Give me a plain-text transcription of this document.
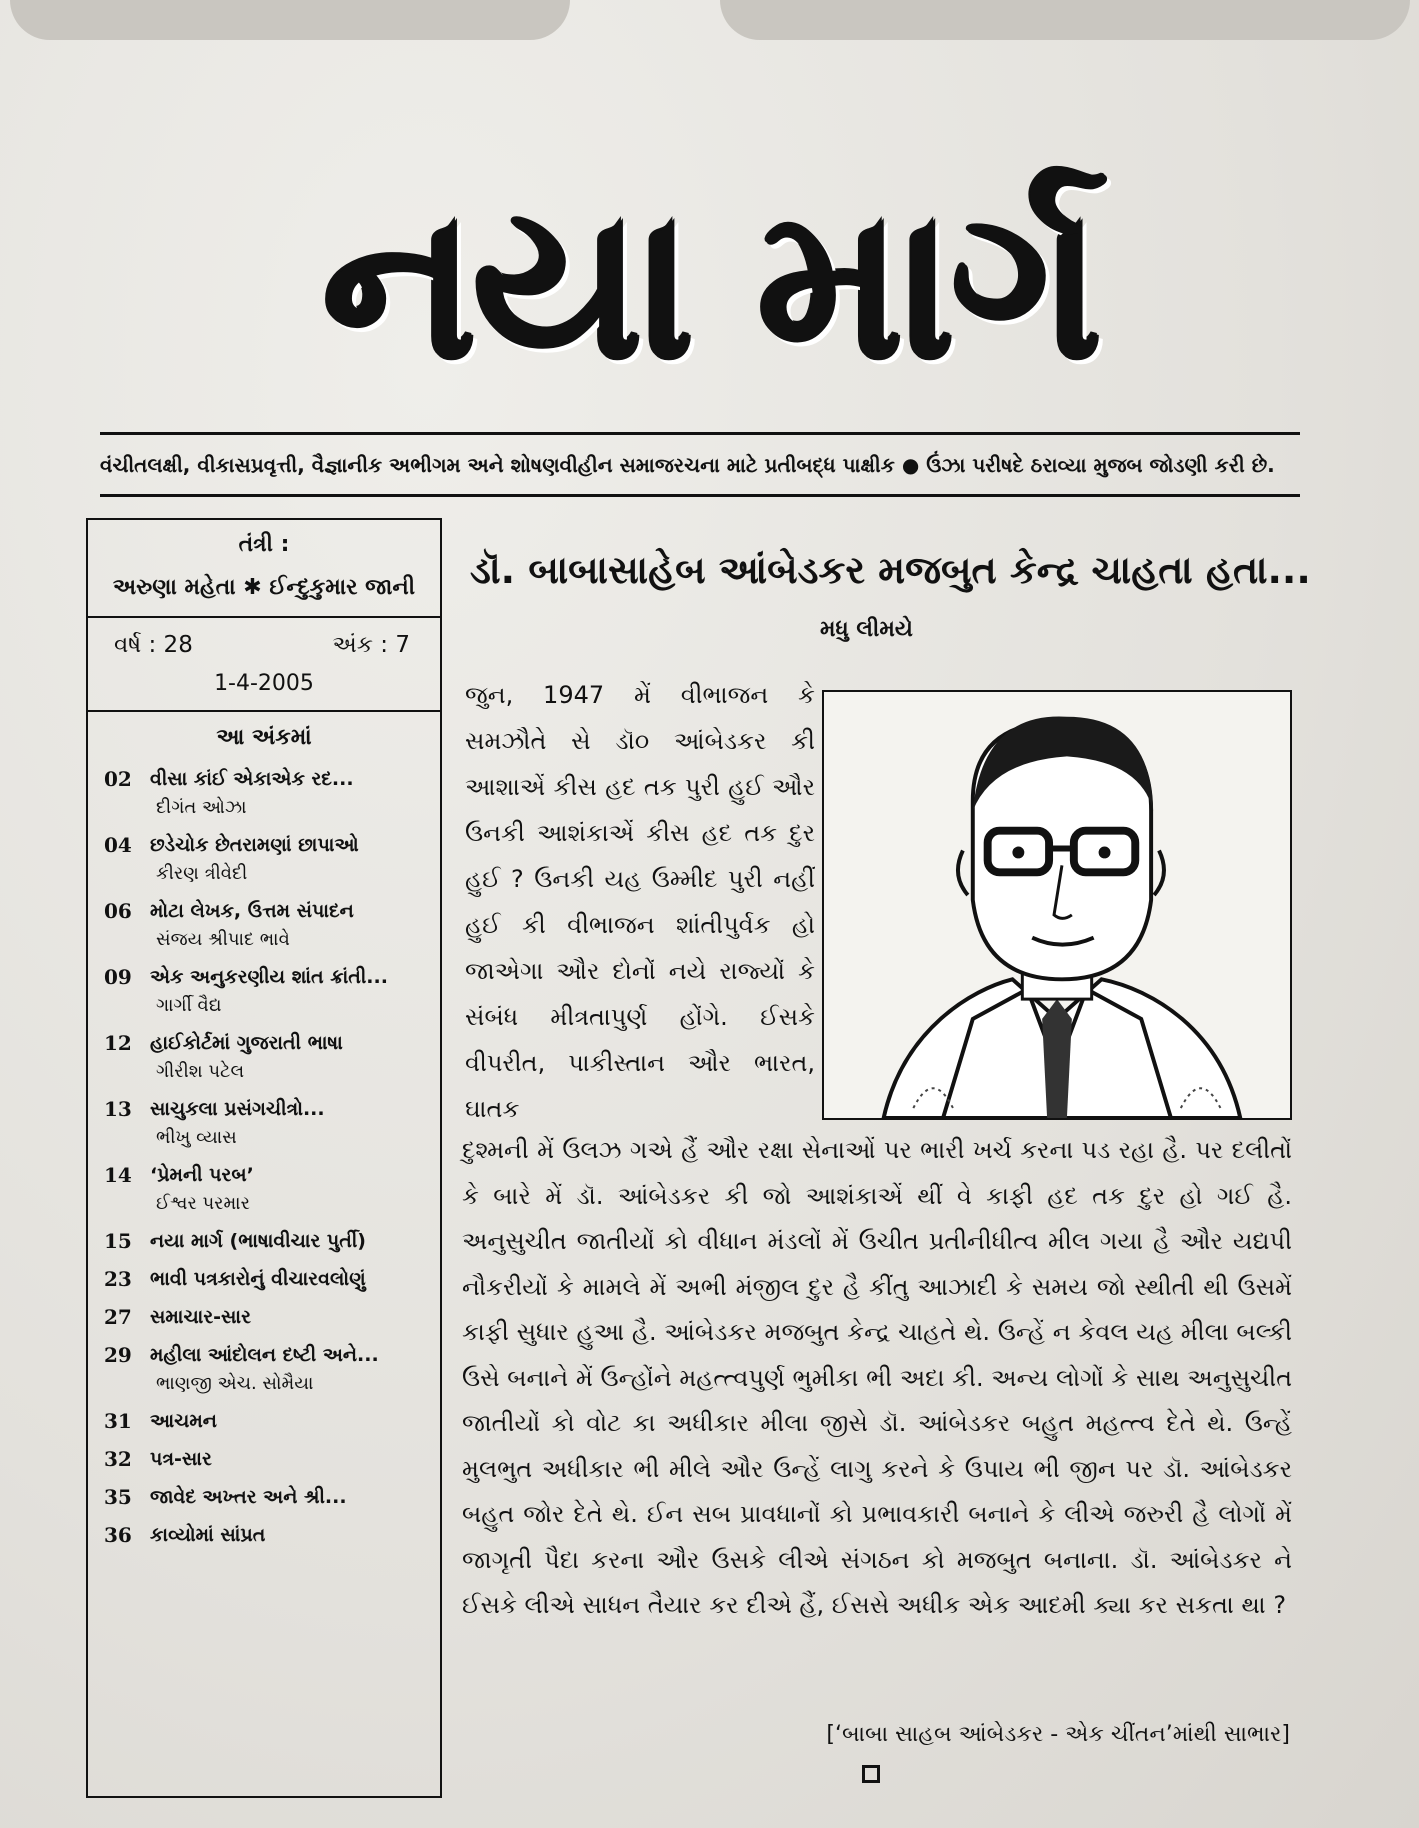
નયા માર્ગ
વંચીતલક્ષી, વીકાસપ્રવૃત્તી, વૈજ્ઞાનીક અભીગમ અને શોષણવીહીન સમાજરચના માટે પ્રતીબદ્ધ પાક્ષીક ● ઉંઝા પરીષદે ઠરાવ્યા મુજબ જોડણી કરી છે.
તંત્રી :
અરુણા મહેતા ✱ ઈન્દુકુમાર જાની
વર્ષ : 28	અંક : 7
1-4-2005
આ અંકમાં
02 વીસા કાંઈ એકાએક રદ...
દીગંત ઓઝા
04 છડેચોક છેતરામણાં છાપાઓ
કીરણ ત્રીવેદી
06 મોટા લેખક, ઉત્તમ સંપાદન
સંજય શ્રીપાદ ભાવે
09 એક અનુકરણીય શાંત ક્રાંતી...
ગાર્ગી વૈદ્ય
12 હાઈકોર્ટમાં ગુજરાતી ભાષા
ગીરીશ પટેલ
13 સાચુકલા પ્રસંગચીત્રો...
ભીખુ વ્યાસ
14 ‘પ્રેમની પરબ’
ઈશ્વર પરમાર
15 નયા માર્ગ (ભાષાવીચાર પુર્તી)
23 ભાવી પત્રકારોનું વીચારવલોણું
27 સમાચાર-સાર
29 મહીલા આંદોલન દષ્ટી અને...
ભાણજી એચ. સોમૈયા
31 આચમન
32 પત્ર-સાર
35 જાવેદ અખ્તર અને શ્રી...
36 કાવ્યોમાં સાંપ્રત
ડૉ. બાબાસાહેબ આંબેડકર મજબુત કેન્દ્ર ચાહતા હતા...
મધુ લીમયે
જુન, 1947 મેં વીભાજન કે સમઝૌતે સે ડૉ૦ આંબેડકર કી આશાએં કીસ હદ તક પુરી હુઈ ઔર ઉનકી આશંકાએં કીસ હદ તક દુર હુઈ ? ઉનકી યહ ઉમ્મીદ પુરી નહીં હુઈ કી વીભાજન શાંતીપુર્વક હો જાએગા ઔર દોનોં નયે રાજ્યોં કે સંબંધ મીત્રતાપુર્ણ હોંગે. ઈસકે વીપરીત, પાકીસ્તાન ઔર ભારત, ઘાતક
દુશ્મની મેં ઉલઝ ગએ હૈં ઔર રક્ષા સેનાઓં પર ભારી ખર્ચ કરના પડ રહા હૈ. પર દલીતોં કે બારે મેં ડૉ. આંબેડકર કી જો આશંકાએં થીં વે કાફી હદ તક દુર હો ગઈ હૈ. અનુસુચીત જાતીયોં કો વીધાન મંડલોં મેં ઉચીત પ્રતીનીધીત્વ મીલ ગયા હૈ ઔર યદ્યપી નૌકરીયોં કે મામલે મેં અભી મંજીલ દુર હૈ કીંતુ આઝાદી કે સમય જો સ્થીતી થી ઉસમેં કાફી સુધાર હુઆ હૈ. આંબેડકર મજબુત કેન્દ્ર ચાહતે થે. ઉન્હેં ન કેવલ યહ મીલા બલ્કી ઉસે બનાને મેં ઉન્હોંને મહત્ત્વપુર્ણ ભુમીકા ભી અદા કી. અન્ય લોગોં કે સાથ અનુસુચીત જાતીયોં કો વોટ કા અધીકાર મીલા જીસે ડૉ. આંબેડકર બહુત મહત્ત્વ દેતે થે. ઉન્હેં મુલભુત અધીકાર ભી મીલે ઔર ઉન્હેં લાગુ કરને કે ઉપાય ભી જીન પર ડૉ. આંબેડકર બહુત જોર દેતે થે. ઈન સબ પ્રાવધાનોં કો પ્રભાવકારી બનાને કે લીએ જરુરી હૈ લોગોં મેં જાગૃતી પૈદા કરના ઔર ઉસકે લીએ સંગઠન કો મજબુત બનાના. ડૉ. આંબેડકર ને ઈસકે લીએ સાધન તૈયાર કર દીએ હૈં, ઈસસે અધીક એક આદમી ક્યા કર સકતા થા ?
[‘બાબા સાહબ આંબેડકર - એક ચીંતન’માંથી સાભાર]
